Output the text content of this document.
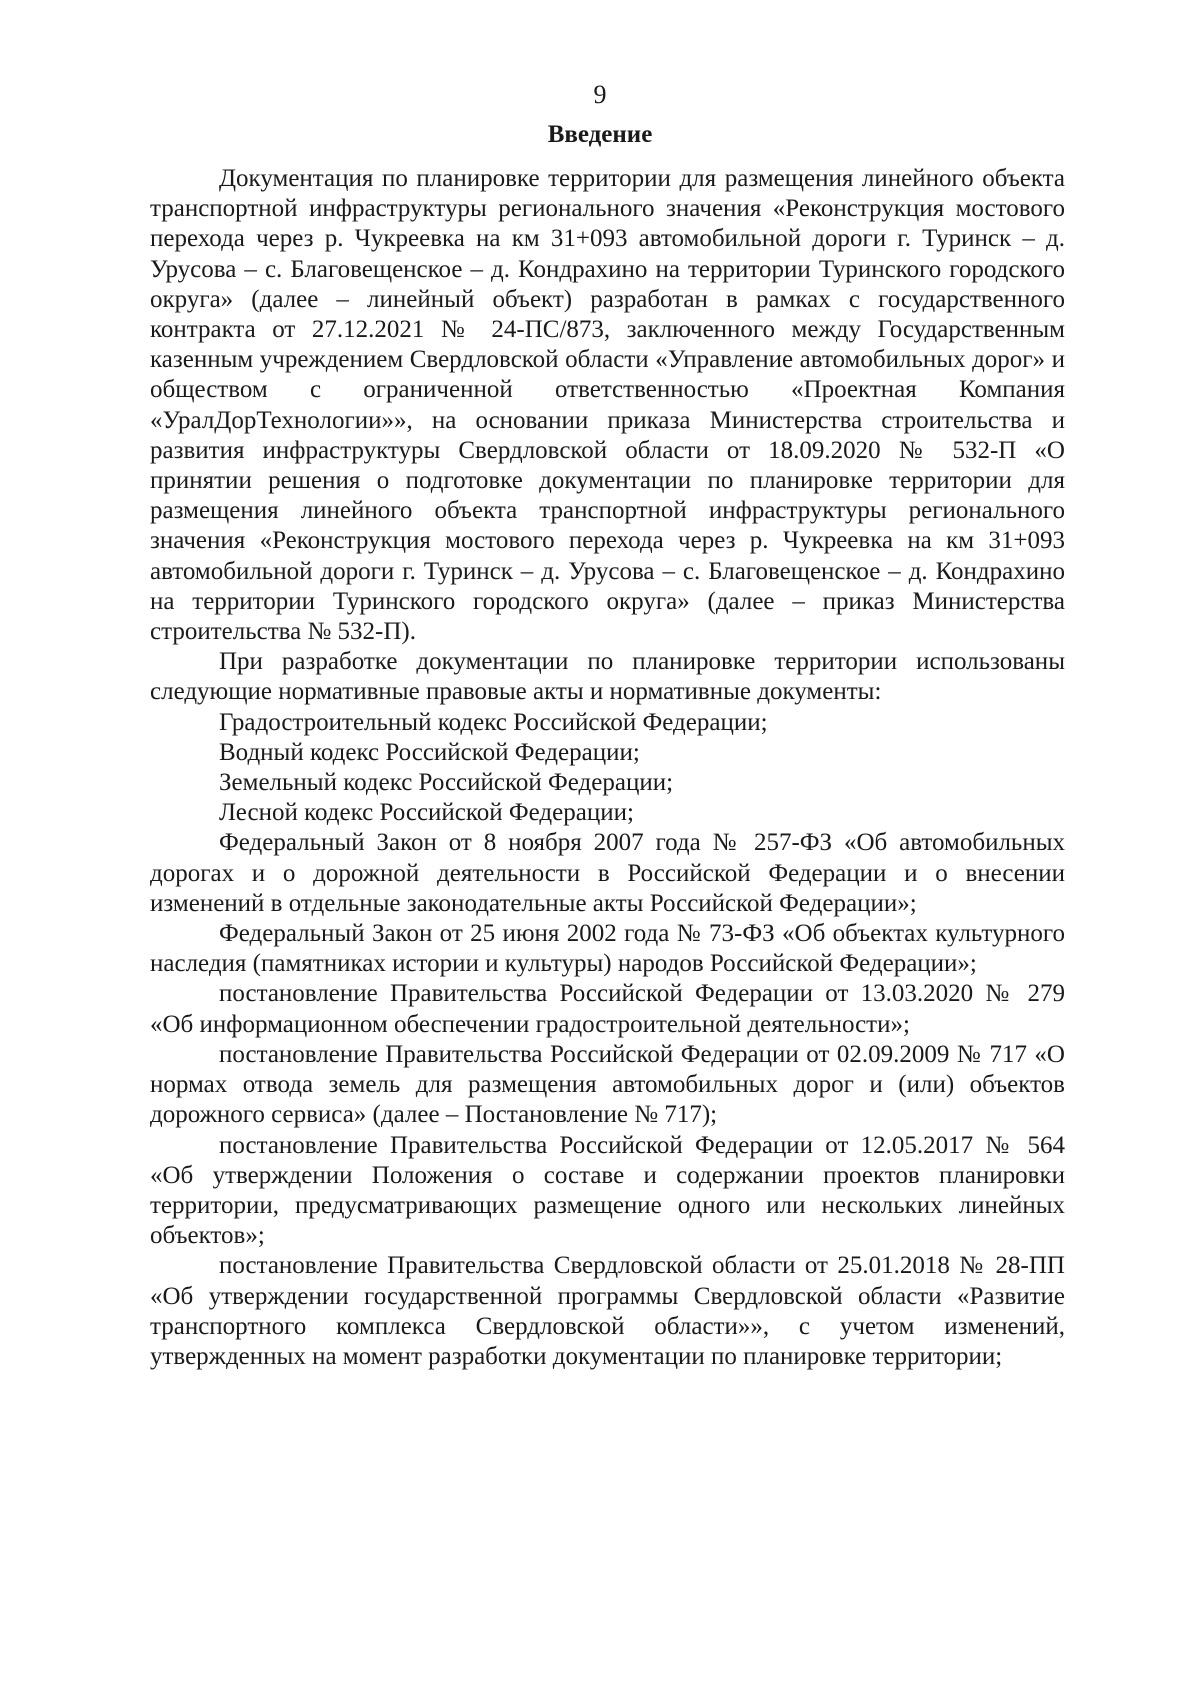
9
Введение

Документация по планировке территории для размещения линейного объекта транспортной инфраструктуры регионального значения «Реконструкция мостового перехода через р. Чукреевка на км 31+093 автомобильной дороги г. Туринск – д. Урусова – с. Благовещенское – д. Кондрахино на территории Туринского городского округа» (далее – линейный объект) разработан в рамках с государственного контракта от 27.12.2021 № 24-ПС/873, заключенного между Государственным казенным учреждением Свердловской области «Управление автомобильных дорог» и обществом с ограниченной ответственностью «Проектная Компания «УралДорТехнологии»», на основании приказа Министерства строительства и развития инфраструктуры Свердловской области от 18.09.2020 № 532-П «О принятии решения о подготовке документации по планировке территории для размещения линейного объекта транспортной инфраструктуры регионального значения «Реконструкция мостового перехода через р. Чукреевка на км 31+093 автомобильной дороги г. Туринск – д. Урусова – с. Благовещенское – д. Кондрахино на территории Туринского городского округа» (далее – приказ Министерства строительства № 532-П).

При разработке документации по планировке территории использованы следующие нормативные правовые акты и нормативные документы:

Градостроительный кодекс Российской Федерации;

Водный кодекс Российской Федерации;

Земельный кодекс Российской Федерации;

Лесной кодекс Российской Федерации;

Федеральный Закон от 8 ноября 2007 года № 257-ФЗ «Об автомобильных дорогах и о дорожной деятельности в Российской Федерации и о внесении изменений в отдельные законодательные акты Российской Федерации»;

Федеральный Закон от 25 июня 2002 года № 73-ФЗ «Об объектах культурного наследия (памятниках истории и культуры) народов Российской Федерации»;

постановление Правительства Российской Федерации от 13.03.2020 № 279 «Об информационном обеспечении градостроительной деятельности»;

постановление Правительства Российской Федерации от 02.09.2009 № 717 «О нормах отвода земель для размещения автомобильных дорог и (или) объектов дорожного сервиса» (далее – Постановление № 717);

постановление Правительства Российской Федерации от 12.05.2017 № 564 «Об утверждении Положения о составе и содержании проектов планировки территории, предусматривающих размещение одного или нескольких линейных объектов»;

постановление Правительства Свердловской области от 25.01.2018 № 28-ПП «Об утверждении государственной программы Свердловской области «Развитие транспортного комплекса Свердловской области»», с учетом изменений, утвержденных на момент разработки документации по планировке территории;
